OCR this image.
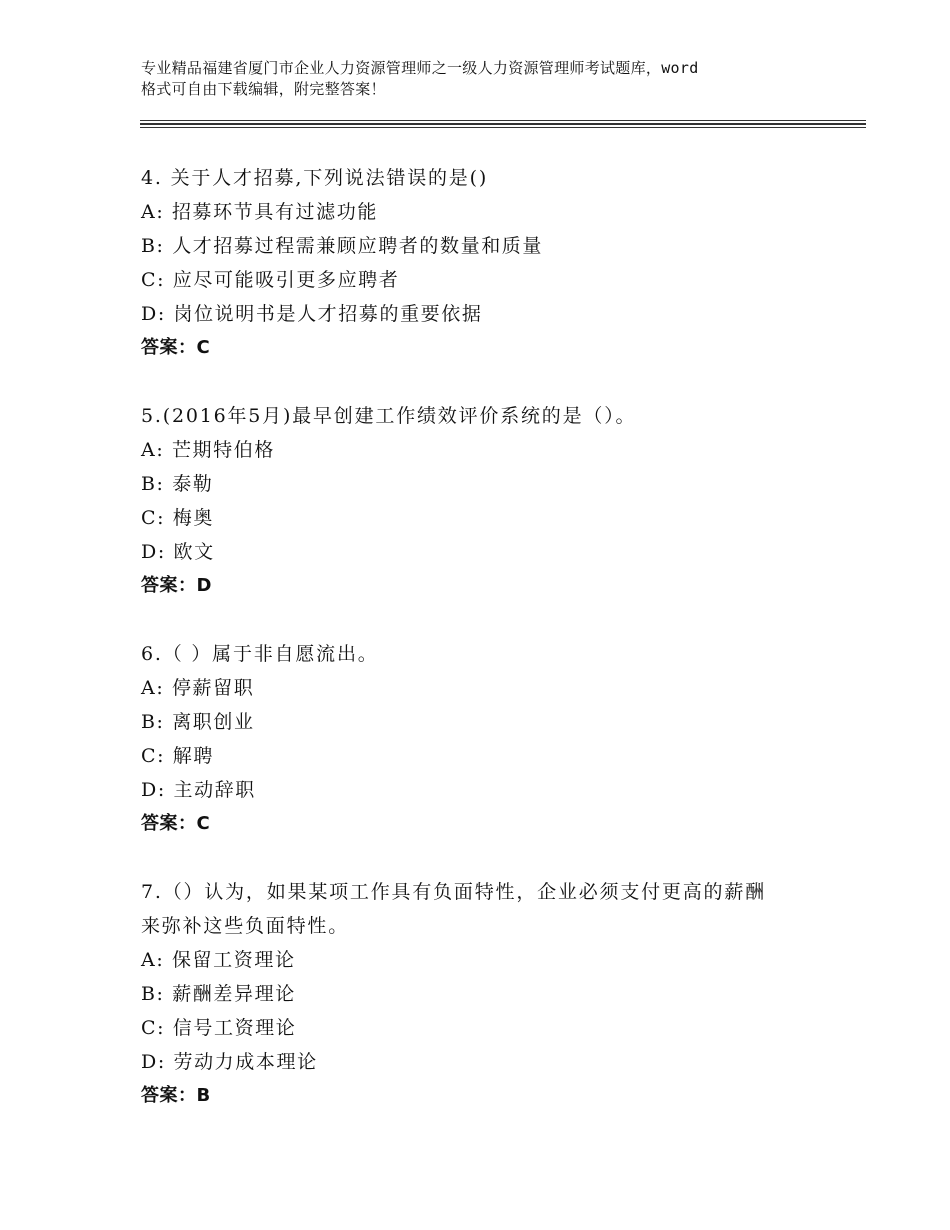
专业精品福建省厦门市企业人力资源管理师之一级人力资源管理师考试题库，word
格式可自由下载编辑，附完整答案！
4. 关于人才招募,下列说法错误的是()
A: 招募环节具有过滤功能
B: 人才招募过程需兼顾应聘者的数量和质量
C: 应尽可能吸引更多应聘者
D: 岗位说明书是人才招募的重要依据
答案：C
5.(2016年5月)最早创建工作绩效评价系统的是（）。
A: 芒期特伯格
B: 泰勒
C: 梅奥
D: 欧文
答案：D
6.（ ）属于非自愿流出。
A: 停薪留职
B: 离职创业
C: 解聘
D: 主动辞职
答案：C
7.（）认为，如果某项工作具有负面特性，企业必须支付更高的薪酬
来弥补这些负面特性。
A: 保留工资理论
B: 薪酬差异理论
C: 信号工资理论
D: 劳动力成本理论
答案：B
